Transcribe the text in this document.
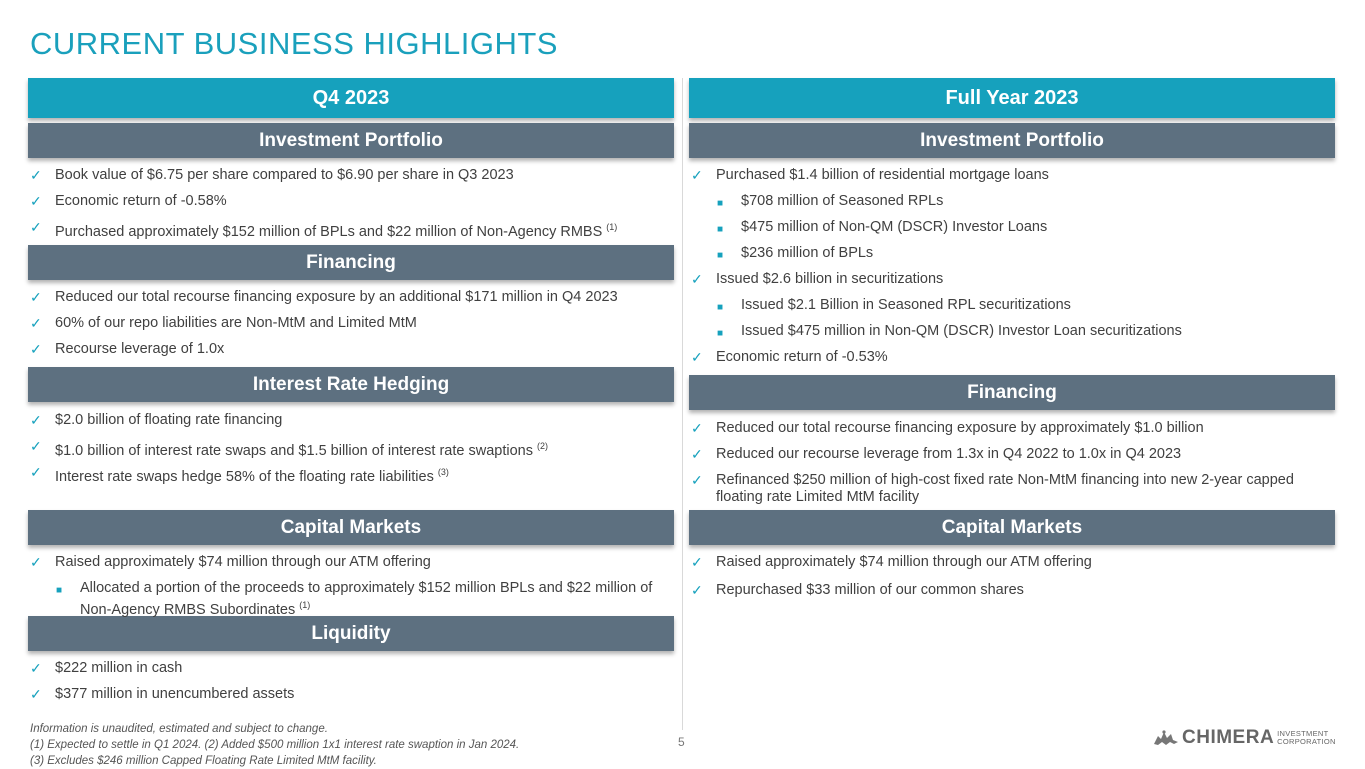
CURRENT BUSINESS HIGHLIGHTS
Q4 2023
Investment Portfolio
✓ Book value of $6.75 per share compared to $6.90 per share in Q3 2023
✓ Economic return of -0.58%
✓ Purchased approximately $152 million of BPLs and $22 million of Non-Agency RMBS $^{(1)}$
Financing
✓ Reduced our total recourse financing exposure by an additional $171 million in Q4 2023
✓ 60% of our repo liabilities are Non-MtM and Limited MtM
✓ Recourse leverage of 1.0x
Interest Rate Hedging
✓ $2.0 billion of floating rate financing
✓ $1.0 billion of interest rate swaps and $1.5 billion of interest rate swaptions $^{(2)}$
✓ Interest rate swaps hedge 58% of the floating rate liabilities $^{(3)}$
Capital Markets
✓ Raised approximately $74 million through our ATM offering
■ Allocated a portion of the proceeds to approximately $152 million BPLs and $22 million of Non-Agency RMBS Subordinates $^{(1)}$
Liquidity
✓ $222 million in cash
✓ $377 million in unencumbered assets
Full Year 2023
Investment Portfolio
✓ Purchased $1.4 billion of residential mortgage loans
■ $708 million of Seasoned RPLs
■ $475 million of Non-QM (DSCR) Investor Loans
■ $236 million of BPLs
✓ Issued $2.6 billion in securitizations
■ Issued $2.1 Billion in Seasoned RPL securitizations
■ Issued $475 million in Non-QM (DSCR) Investor Loan securitizations
✓ Economic return of -0.53%
Financing
✓ Reduced our total recourse financing exposure by approximately $1.0 billion
✓ Reduced our recourse leverage from 1.3x in Q4 2022 to 1.0x in Q4 2023
✓ Refinanced $250 million of high-cost fixed rate Non-MtM financing into new 2-year capped floating rate Limited MtM facility
Capital Markets
✓ Raised approximately $74 million through our ATM offering
✓ Repurchased $33 million of our common shares
Information is unaudited, estimated and subject to change.
(1) Expected to settle in Q1 2024. (2) Added $500 million 1x1 interest rate swaption in Jan 2024.
(3) Excludes $246 million Capped Floating Rate Limited MtM facility.
5	CHIMERA INVESTMENT
CORPORATION
